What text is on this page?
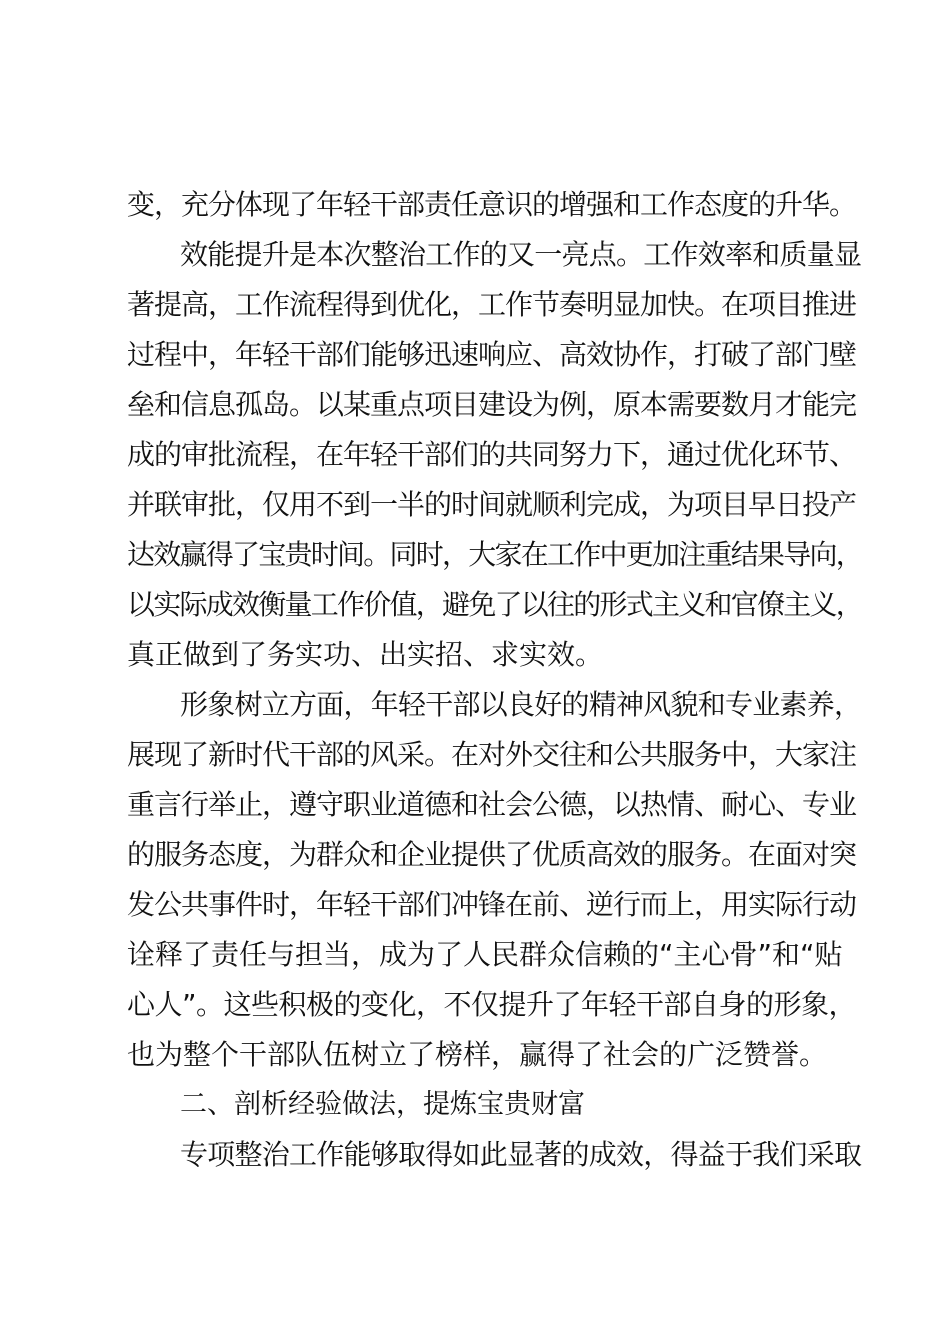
变，充分体现了年轻干部责任意识的增强和工作态度的升华。
效能提升是本次整治工作的又一亮点。工作效率和质量显
著提高，工作流程得到优化，工作节奏明显加快。在项目推进
过程中，年轻干部们能够迅速响应、高效协作，打破了部门壁
垒和信息孤岛。以某重点项目建设为例，原本需要数月才能完
成的审批流程，在年轻干部们的共同努力下，通过优化环节、
并联审批，仅用不到一半的时间就顺利完成，为项目早日投产
达效赢得了宝贵时间。同时，大家在工作中更加注重结果导向，
以实际成效衡量工作价值，避免了以往的形式主义和官僚主义，
真正做到了务实功、出实招、求实效。
形象树立方面，年轻干部以良好的精神风貌和专业素养，
展现了新时代干部的风采。在对外交往和公共服务中，大家注
重言行举止，遵守职业道德和社会公德，以热情、耐心、专业
的服务态度，为群众和企业提供了优质高效的服务。在面对突
发公共事件时，年轻干部们冲锋在前、逆行而上，用实际行动
诠释了责任与担当，成为了人民群众信赖的“主心骨”和“贴
心人”。这些积极的变化，不仅提升了年轻干部自身的形象，
也为整个干部队伍树立了榜样，赢得了社会的广泛赞誉。
二、剖析经验做法，提炼宝贵财富
专项整治工作能够取得如此显著的成效，得益于我们采取
